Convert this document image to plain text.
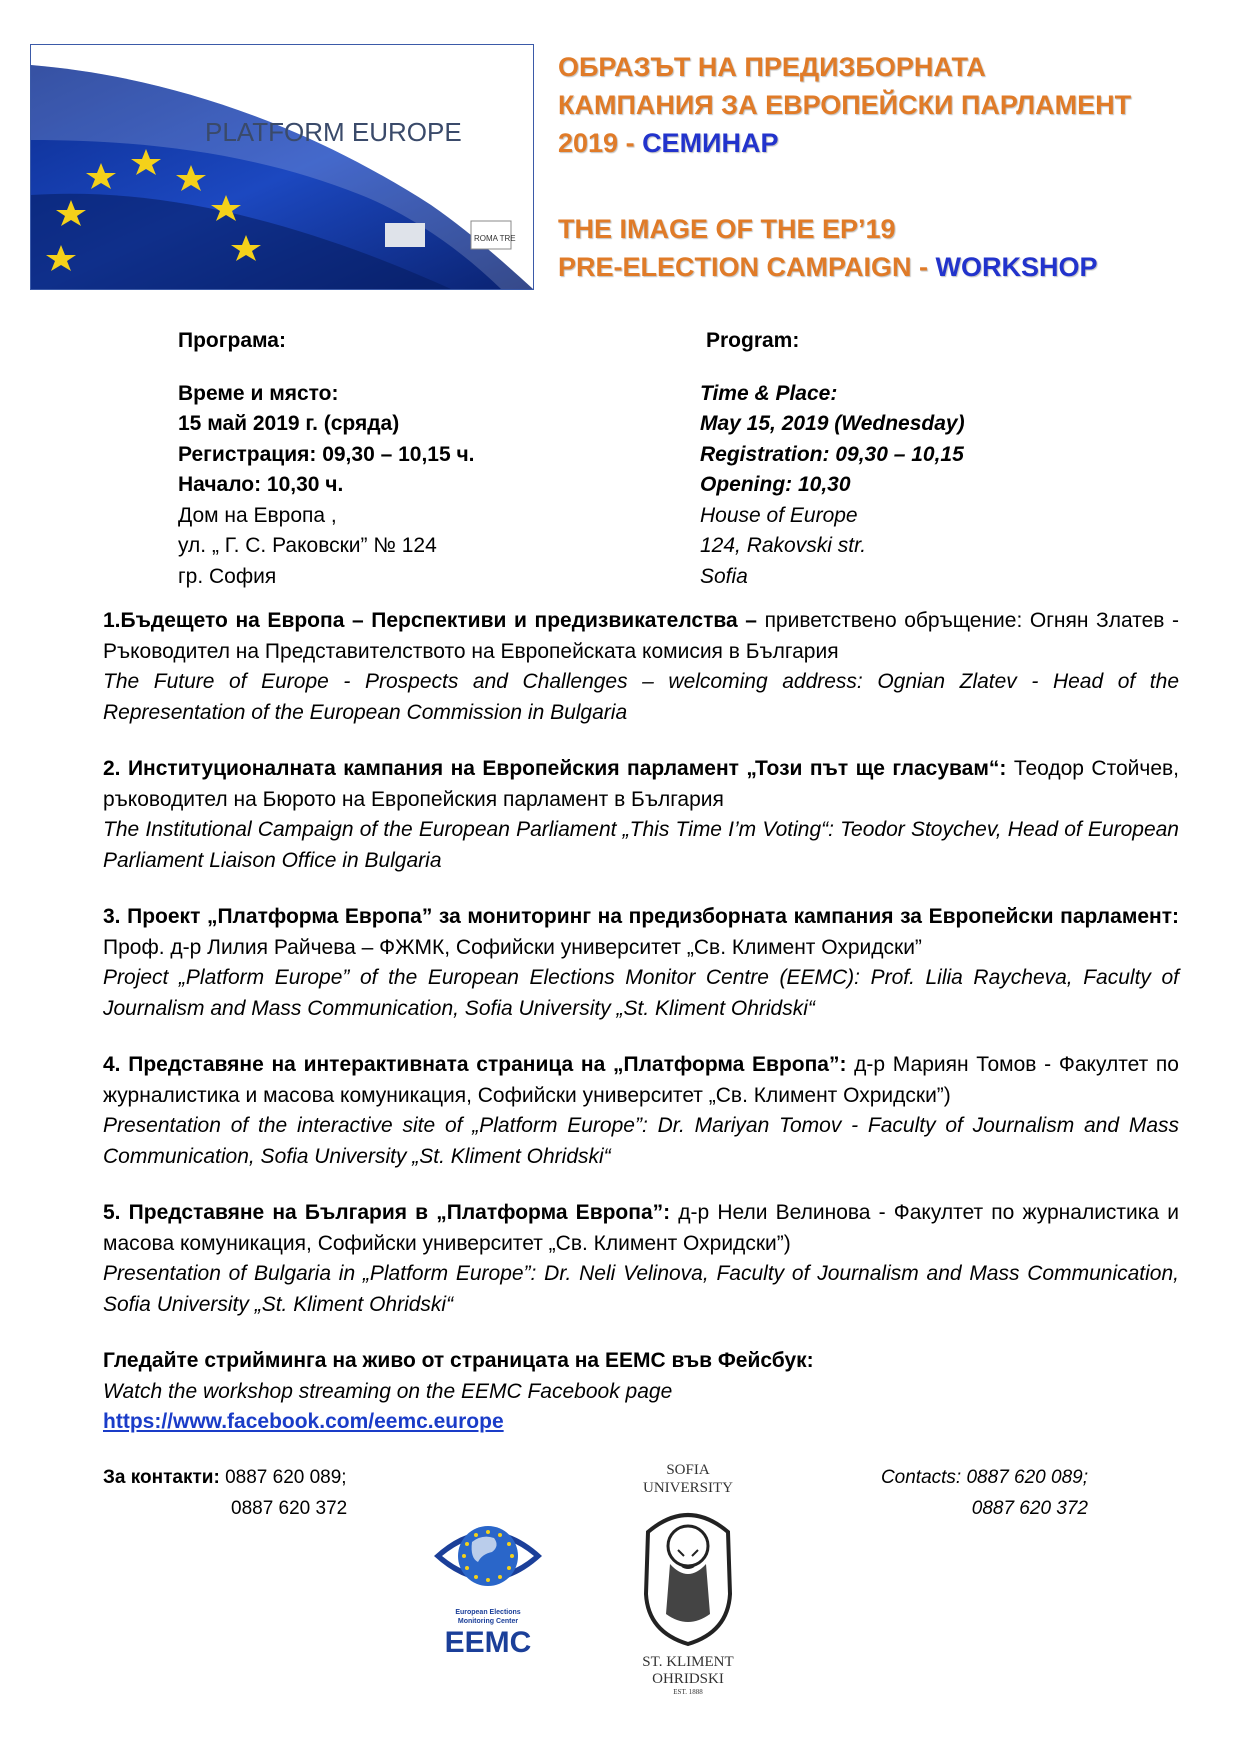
PLATFORM EUROPE
ROMA TRE
ОБРАЗЪТ НА ПРЕДИЗБОРНАТА
КАМПАНИЯ ЗА ЕВРОПЕЙСКИ ПАРЛАМЕНТ
2019 - СЕМИНАР
THE IMAGE OF THE EP’19
PRE-ELECTION CAMPAIGN - WORKSHOP
Програма:
Време и място:
15 май 2019 г. (сряда)
Регистрация: 09,30 – 10,15 ч.
Начало: 10,30 ч.
Дом на Европа ,
ул. „ Г. С. Раковски” № 124
гр. София
Program:
Time & Place:
May 15, 2019 (Wednesday)
Registration: 09,30 – 10,15
Opening: 10,30
House of Europe
124, Rakovski str.
Sofia
1.Бъдещето на Европа – Перспективи и предизвикателства – приветствено обръщение: Огнян Златев - Ръководител на Представителството на Европейската комисия в България
The Future of Europe - Prospects and Challenges – welcoming address: Ognian Zlatev - Head of the Representation of the European Commission in Bulgaria
2. Институционалната кампания на Европейския парламент „Този път ще гласувам“: Теодор Стойчев, ръководител на Бюрото на Европейския парламент в България
The Institutional Campaign of the European Parliament „This Time I’m Voting“: Teodor Stoychev, Head of European Parliament Liaison Office in Bulgaria
3. Проект „Платформа Европа” за мониторинг на предизборната кампания за Европейски парламент: Проф. д-р Лилия Райчева – ФЖМК, Софийски университет „Св. Климент Охридски”
Project „Platform Europe” of the European Elections Monitor Centre (EEMC): Prof. Lilia Raycheva, Faculty of Journalism and Mass Communication, Sofia University „St. Kliment Ohridski“
4. Представяне на интерактивната страница на „Платформа Европа”: д-р Мариян Томов - Факултет по журналистика и масова комуникация, Софийски университет „Св. Климент Охридски”)
Presentation of the interactive site of „Platform Europe”: Dr. Mariyan Tomov - Faculty of Journalism and Mass Communication, Sofia University „St. Kliment Ohridski“
5. Представяне на България в „Платформа Европа”: д-р Нели Велинова - Факултет по журналистика и масова комуникация, Софийски университет „Св. Климент Охридски”)
Presentation of Bulgaria in „Platform Europe”: Dr. Neli Velinova, Faculty of Journalism and Mass Communication, Sofia University „St. Kliment Ohridski“
Гледайте стрийминга на живо от страницата на ЕЕМС във Фейсбук:
Watch the workshop streaming on the EEMC Facebook page
https://www.facebook.com/eemc.europe
За контакти: 0887 620 089;
0887 620 372
Contacts: 0887 620 089;
0887 620 372
European Elections
Monitoring Center
EEMC
SOFIA
UNIVERSITY
ST. KLIMENT
OHRIDSKI
EST. 1888
